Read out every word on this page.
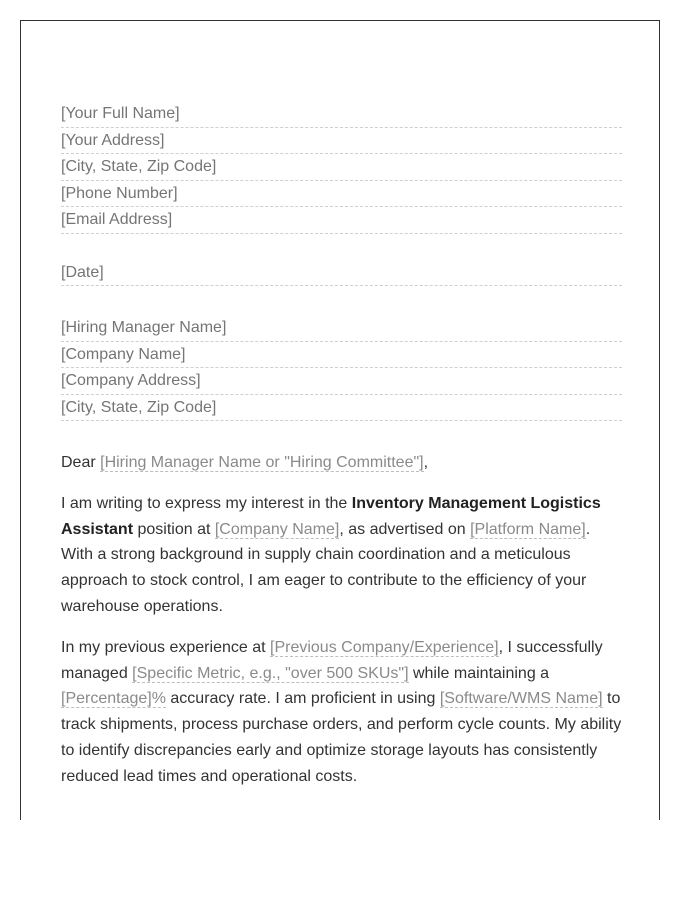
[Your Full Name]
[Your Address]
[City, State, Zip Code]
[Phone Number]
[Email Address]
[Date]
[Hiring Manager Name]
[Company Name]
[Company Address]
[City, State, Zip Code]

Dear [Hiring Manager Name or "Hiring Committee"],

I am writing to express my interest in the Inventory Management Logistics Assistant position at [Company Name], as advertised on [Platform Name]. With a strong background in supply chain coordination and a meticulous approach to stock control, I am eager to contribute to the efficiency of your warehouse operations.

In my previous experience at [Previous Company/Experience], I successfully managed [Specific Metric, e.g., "over 500 SKUs"] while maintaining a [Percentage]% accuracy rate. I am proficient in using [Software/WMS Name] to track shipments, process purchase orders, and perform cycle counts. My ability to identify discrepancies early and optimize storage layouts has consistently reduced lead times and operational costs.
